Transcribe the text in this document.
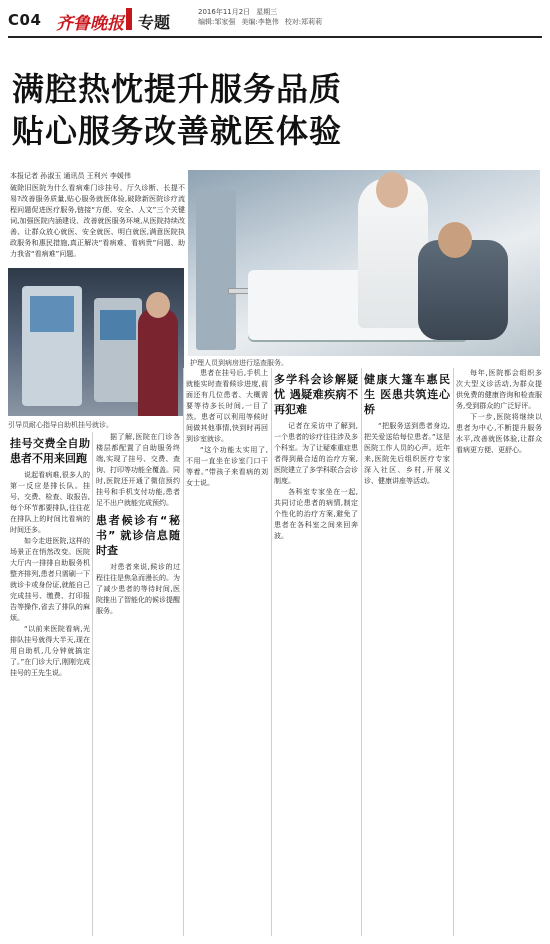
C04 齐鲁晚报 专题
2016年11月2日 星期三
编辑:邹家强 美编:李艳伟 校对:郑莉莉
满腔热忱提升服务品质
贴心服务改善就医体验
本报记者 孙淑玉 通讯员 王利兴 李媛伟
破除旧医院为什么看病难门诊挂号、厅久诊断、长提不易?改善服务质量,贴心服务就医体验,破除新医院诊疗流程问题促进医疗服务,链接“方便、安全、人文”三个关键词,加强医院内涵建设、改善就医服务环境,从医院持续改善、让群众放心就医、安全就医、明白就医,满意医院执政服务和惠民措施,真正解决“看病难、看病贵”问题、助力我省“看病难”问题。
护理人员到病房进行巡查服务。
引导员耐心指导自助机挂号就诊。
挂号交费全自助 患者不用来回跑

说起看病难,很多人的第一反应是排长队。挂号、交费、检查、取报告,每个环节都要排队,往往花在排队上的时间比看病的时间还多。

如今走进医院,这样的场景正在悄然改变。医院大厅内一排排自助服务机整齐排列,患者只需刷一下就诊卡或身份证,就能自己完成挂号、缴费、打印报告等操作,省去了排队的麻烦。

“以前来医院看病,光排队挂号就得大半天,现在用自助机,几分钟就搞定了。”在门诊大厅,刚刚完成挂号的王先生说。

据了解,医院在门诊各楼层都配置了自助服务终端,实现了挂号、交费、查询、打印等功能全覆盖。同时,医院还开通了微信预约挂号和手机支付功能,患者足不出户就能完成预约。

患者候诊有“秘书” 就诊信息随时查

对患者来说,候诊的过程往往是焦急而漫长的。为了减少患者的等待时间,医院推出了智能化的候诊提醒服务。

患者在挂号后,手机上就能实时查看候诊进度,前面还有几位患者、大概需要等待多长时间,一目了然。患者可以利用等候时间做其他事情,快到时再回到诊室就诊。

“这个功能太实用了,不用一直坐在诊室门口干等着。”带孩子来看病的刘女士说。

多学科会诊解疑忧 遇疑难疾病不再犯难

记者在采访中了解到,一个患者的诊疗往往涉及多个科室。为了让疑难重症患者得到最合适的治疗方案,医院建立了多学科联合会诊制度。

各科室专家坐在一起,共同讨论患者的病情,制定个性化的治疗方案,避免了患者在各科室之间来回奔波。

健康大篷车惠民生 医患共筑连心桥

“把服务送到患者身边,把关爱送给每位患者。”这是医院工作人员的心声。近年来,医院先后组织医疗专家深入社区、乡村,开展义诊、健康讲座等活动。

每年,医院都会组织多次大型义诊活动,为群众提供免费的健康咨询和检查服务,受到群众的广泛好评。

下一步,医院将继续以患者为中心,不断提升服务水平,改善就医体验,让群众看病更方便、更舒心。
